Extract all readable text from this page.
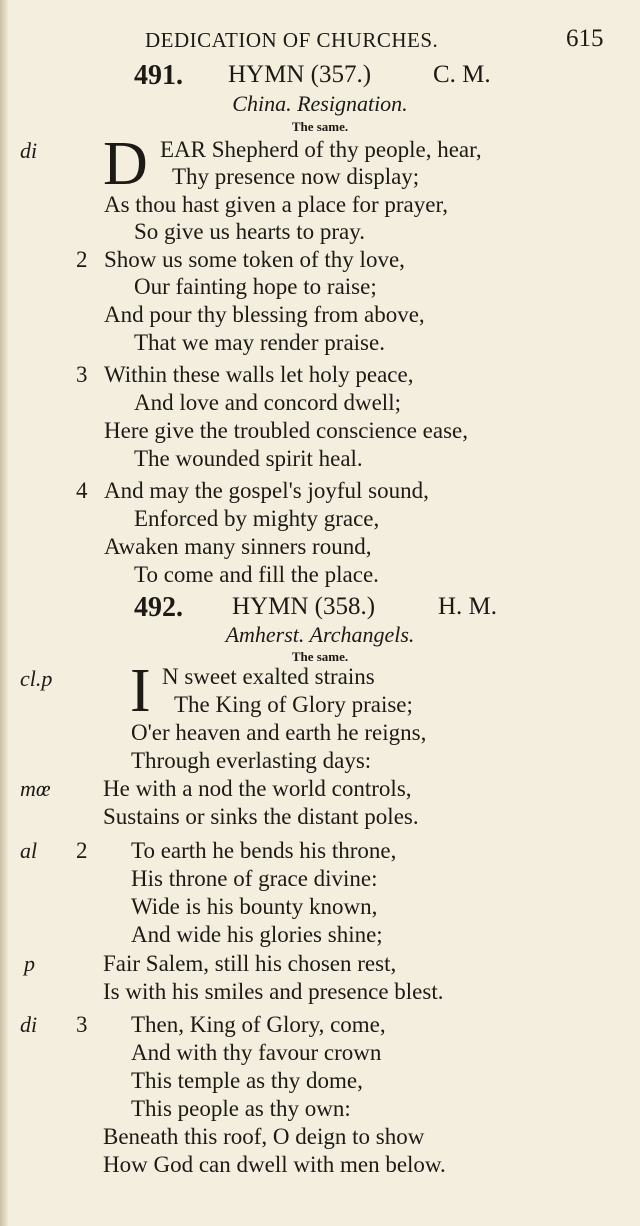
DEDICATION OF CHURCHES.	615
491. HYMN (357.) C. M.
China. Resignation.
The same.
di D EAR Shepherd of thy people, hear,
Thy presence now display;
As thou hast given a place for prayer,
So give us hearts to pray.
2 Show us some token of thy love,
Our fainting hope to raise;
And pour thy blessing from above,
That we may render praise.
3 Within these walls let holy peace,
And love and concord dwell;
Here give the troubled conscience ease,
The wounded spirit heal.
4 And may the gospel's joyful sound,
Enforced by mighty grace,
Awaken many sinners round,
To come and fill the place.
492. HYMN (358.)	H. M.
Amherst. Archangels.
The same.
cl.p I N sweet exalted strains
The King of Glory praise;
O'er heaven and earth he reigns,
Through everlasting days:
mœ He with a nod the world controls,
Sustains or sinks the distant poles.
al 2 To earth he bends his throne,
His throne of grace divine:
Wide is his bounty known,
And wide his glories shine;
p	Fair Salem, still his chosen rest,
Is with his smiles and presence blest.
di 3 Then, King of Glory, come,
And with thy favour crown
This temple as thy dome,
This people as thy own:
Beneath this roof, O deign to show
How God can dwell with men below.
